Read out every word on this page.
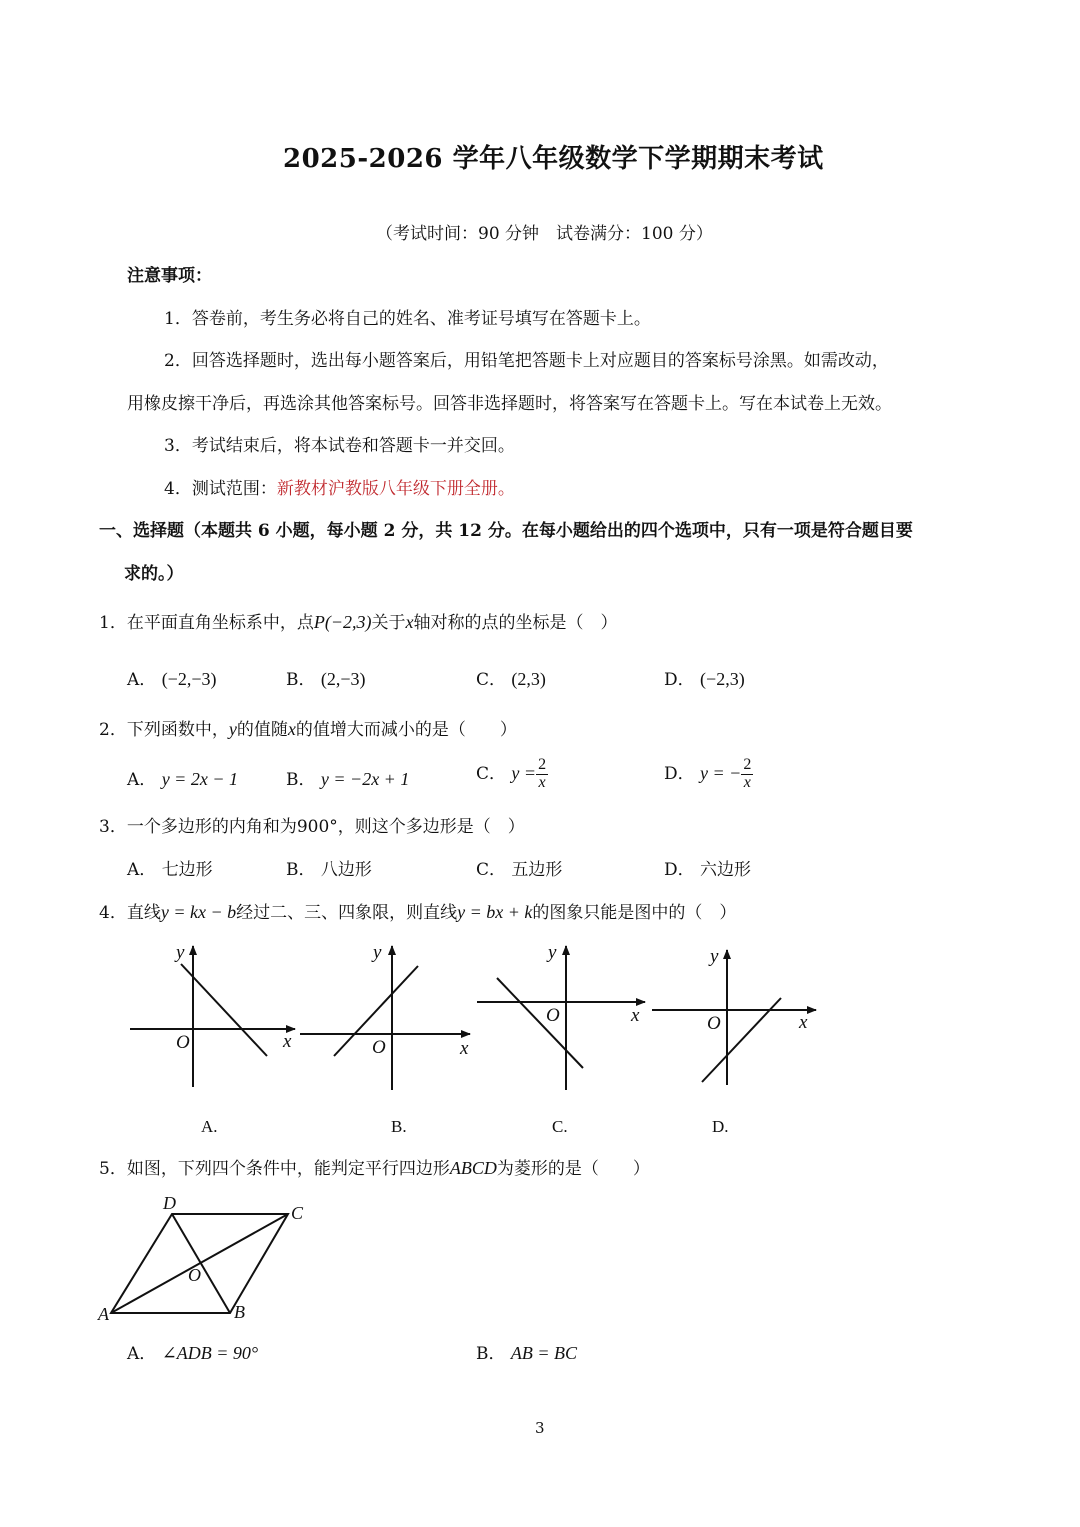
2025-2026 学年八年级数学下学期期末考试
（考试时间：90 分钟　试卷满分：100 分）
注意事项：
1．答卷前，考生务必将自己的姓名、准考证号填写在答题卡上。
2．回答选择题时，选出每小题答案后，用铅笔把答题卡上对应题目的答案标号涂黑。如需改动，
用橡皮擦干净后，再选涂其他答案标号。回答非选择题时，将答案写在答题卡上。写在本试卷上无效。
3．考试结束后，将本试卷和答题卡一并交回。
4．测试范围：新教材沪教版八年级下册全册。
一、选择题（本题共 6 小题，每小题 2 分，共 12 分。在每小题给出的四个选项中，只有一项是符合题目要
求的。）
1．在平面直角坐标系中，点P(−2,3)关于x轴对称的点的坐标是（　）
A． (−2,−3)	B． (2,−3)	C． (2,3)	D． (−2,3)
2．下列函数中，y的值随x的值增大而减小的是（　　）
A． y = 2x − 1	B． y = −2x + 1	C． $y = \frac{2}{x}$	D． y = − $\frac{2}{x}$
3．一个多边形的内角和为900°，则这个多边形是（　）
A． 七边形	B． 八边形	C． 五边形	D． 六边形
4．直线y = kx − b经过二、三、四象限，则直线y = bx + k的图象只能是图中的（　）
y
x
O
y
x
O
y
x
O
y
x
O
A.	B.	C.	D.
A	B
C
D
O
5．如图，下列四个条件中，能判定平行四边形ABCD为菱形的是（　　）
A． ∠ADB = 90°	B． AB = BC
3
